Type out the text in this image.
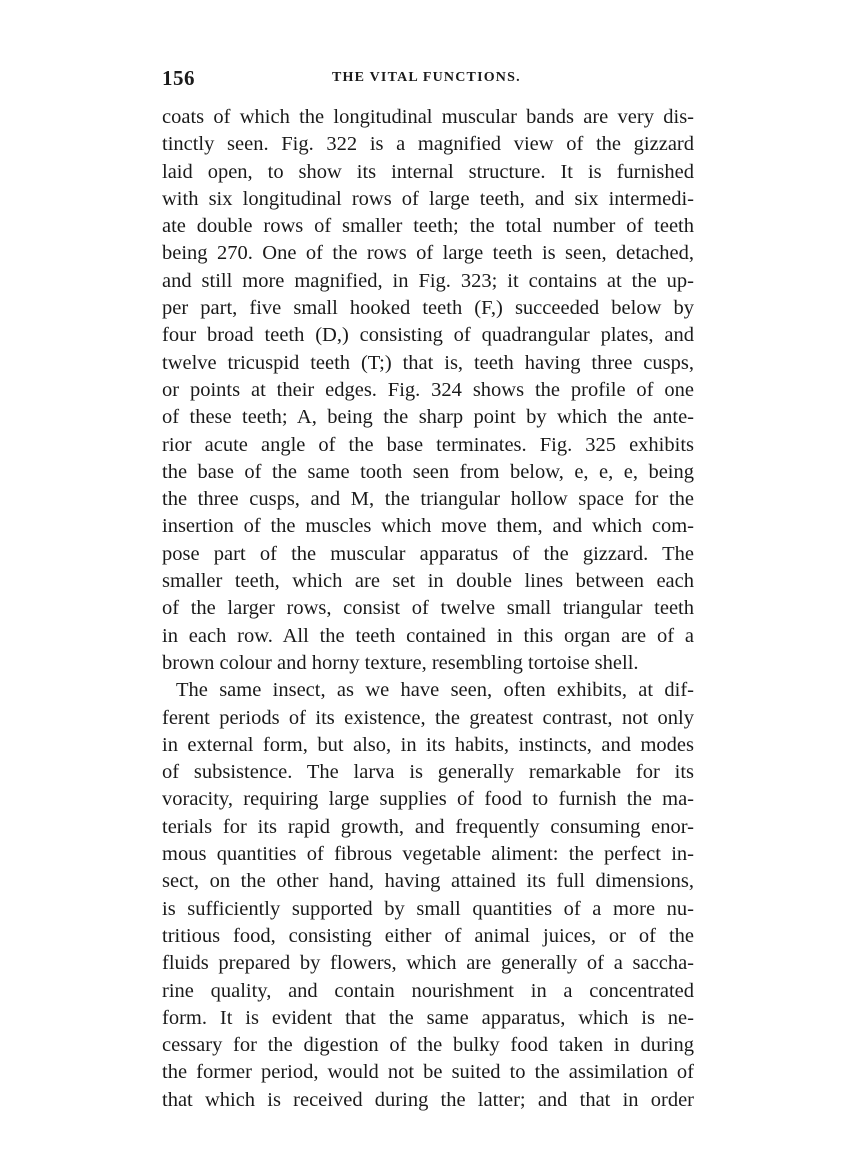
156	THE VITAL FUNCTIONS.
coats of which the longitudinal muscular bands are very dis-
tinctly seen. Fig. 322 is a magnified view of the gizzard
laid open, to show its internal structure. It is furnished
with six longitudinal rows of large teeth, and six intermedi-
ate double rows of smaller teeth; the total number of teeth
being 270. One of the rows of large teeth is seen, detached,
and still more magnified, in Fig. 323; it contains at the up-
per part, five small hooked teeth (F,) succeeded below by
four broad teeth (D,) consisting of quadrangular plates, and
twelve tricuspid teeth (T;) that is, teeth having three cusps,
or points at their edges. Fig. 324 shows the profile of one
of these teeth; A, being the sharp point by which the ante-
rior acute angle of the base terminates. Fig. 325 exhibits
the base of the same tooth seen from below, e, e, e, being
the three cusps, and M, the triangular hollow space for the
insertion of the muscles which move them, and which com-
pose part of the muscular apparatus of the gizzard. The
smaller teeth, which are set in double lines between each
of the larger rows, consist of twelve small triangular teeth
in each row. All the teeth contained in this organ are of a
brown colour and horny texture, resembling tortoise shell.
The same insect, as we have seen, often exhibits, at dif-
ferent periods of its existence, the greatest contrast, not only
in external form, but also, in its habits, instincts, and modes
of subsistence. The larva is generally remarkable for its
voracity, requiring large supplies of food to furnish the ma-
terials for its rapid growth, and frequently consuming enor-
mous quantities of fibrous vegetable aliment: the perfect in-
sect, on the other hand, having attained its full dimensions,
is sufficiently supported by small quantities of a more nu-
tritious food, consisting either of animal juices, or of the
fluids prepared by flowers, which are generally of a saccha-
rine quality, and contain nourishment in a concentrated
form. It is evident that the same apparatus, which is ne-
cessary for the digestion of the bulky food taken in during
the former period, would not be suited to the assimilation of
that which is received during the latter; and that in order
